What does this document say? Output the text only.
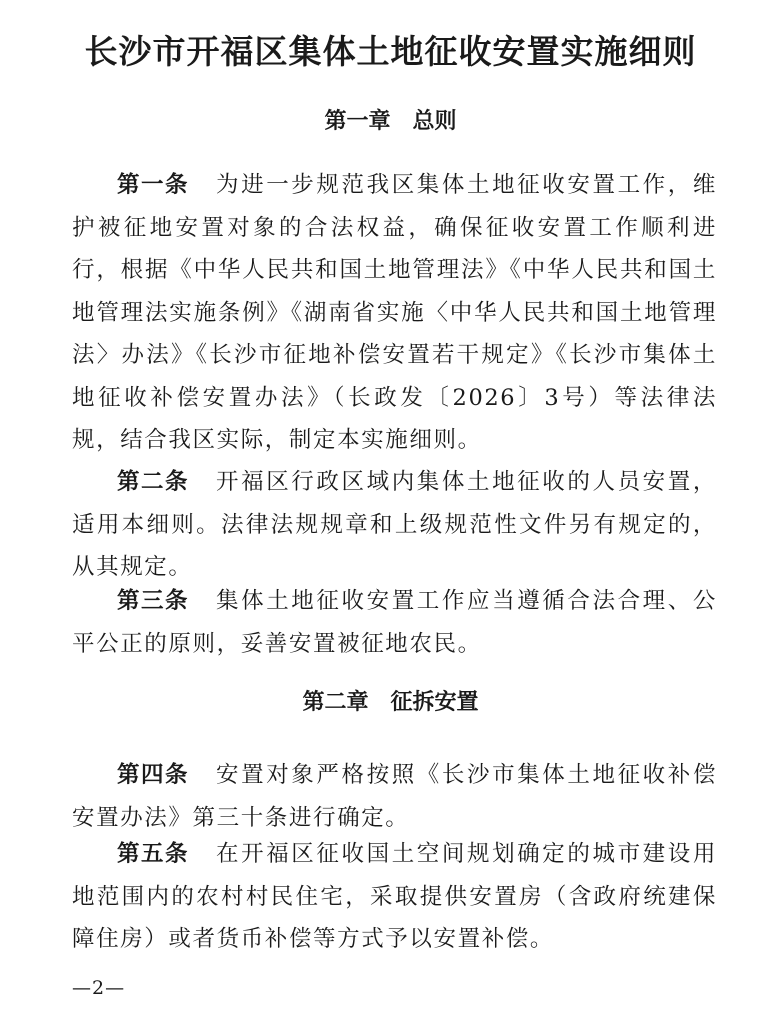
长沙市开福区集体土地征收安置实施细则
第一章　总则

第一条 为进一步规范我区集体土地征收安置工作，维护被征地安置对象的合法权益，确保征收安置工作顺利进行，根据《中华人民共和国土地管理法》《中华人民共和国土地管理法实施条例》《湖南省实施〈中华人民共和国土地管理法〉办法》《长沙市征地补偿安置若干规定》《长沙市集体土地征收补偿安置办法》（长政发〔2026〕3号）等法律法规，结合我区实际，制定本实施细则。

第二条 开福区行政区域内集体土地征收的人员安置，适用本细则。法律法规规章和上级规范性文件另有规定的，从其规定。

第三条 集体土地征收安置工作应当遵循合法合理、公平公正的原则，妥善安置被征地农民。

第二章　征拆安置

第四条 安置对象严格按照《长沙市集体土地征收补偿安置办法》第三十条进行确定。

第五条 在开福区征收国土空间规划确定的城市建设用地范围内的农村村民住宅，采取提供安置房（含政府统建保障住房）或者货币补偿等方式予以安置补偿。

—2—
